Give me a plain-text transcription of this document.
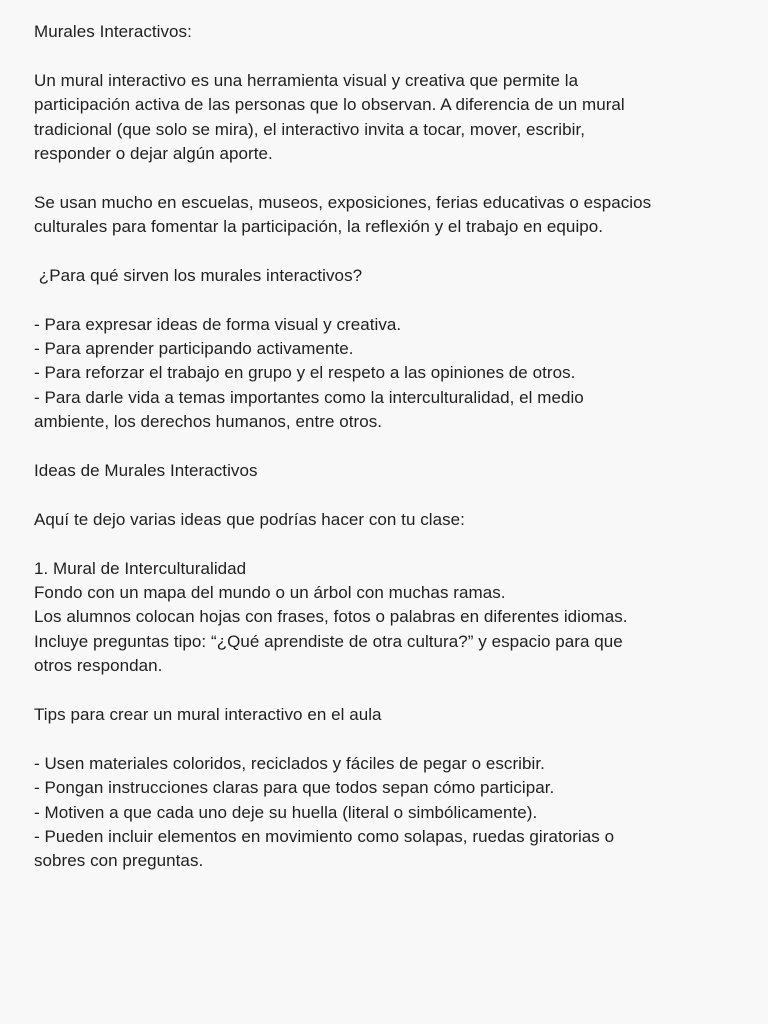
Murales Interactivos:
Un mural interactivo es una herramienta visual y creativa que permite la
participación activa de las personas que lo observan. A diferencia de un mural
tradicional (que solo se mira), el interactivo invita a tocar, mover, escribir,
responder o dejar algún aporte.
Se usan mucho en escuelas, museos, exposiciones, ferias educativas o espacios
culturales para fomentar la participación, la reflexión y el trabajo en equipo.
¿Para qué sirven los murales interactivos?
- Para expresar ideas de forma visual y creativa.
- Para aprender participando activamente.
- Para reforzar el trabajo en grupo y el respeto a las opiniones de otros.
- Para darle vida a temas importantes como la interculturalidad, el medio
ambiente, los derechos humanos, entre otros.
Ideas de Murales Interactivos
Aquí te dejo varias ideas que podrías hacer con tu clase:
1. Mural de Interculturalidad
Fondo con un mapa del mundo o un árbol con muchas ramas.
Los alumnos colocan hojas con frases, fotos o palabras en diferentes idiomas.
Incluye preguntas tipo: “¿Qué aprendiste de otra cultura?” y espacio para que
otros respondan.
Tips para crear un mural interactivo en el aula
- Usen materiales coloridos, reciclados y fáciles de pegar o escribir.
- Pongan instrucciones claras para que todos sepan cómo participar.
- Motiven a que cada uno deje su huella (literal o simbólicamente).
- Pueden incluir elementos en movimiento como solapas, ruedas giratorias o
sobres con preguntas.
